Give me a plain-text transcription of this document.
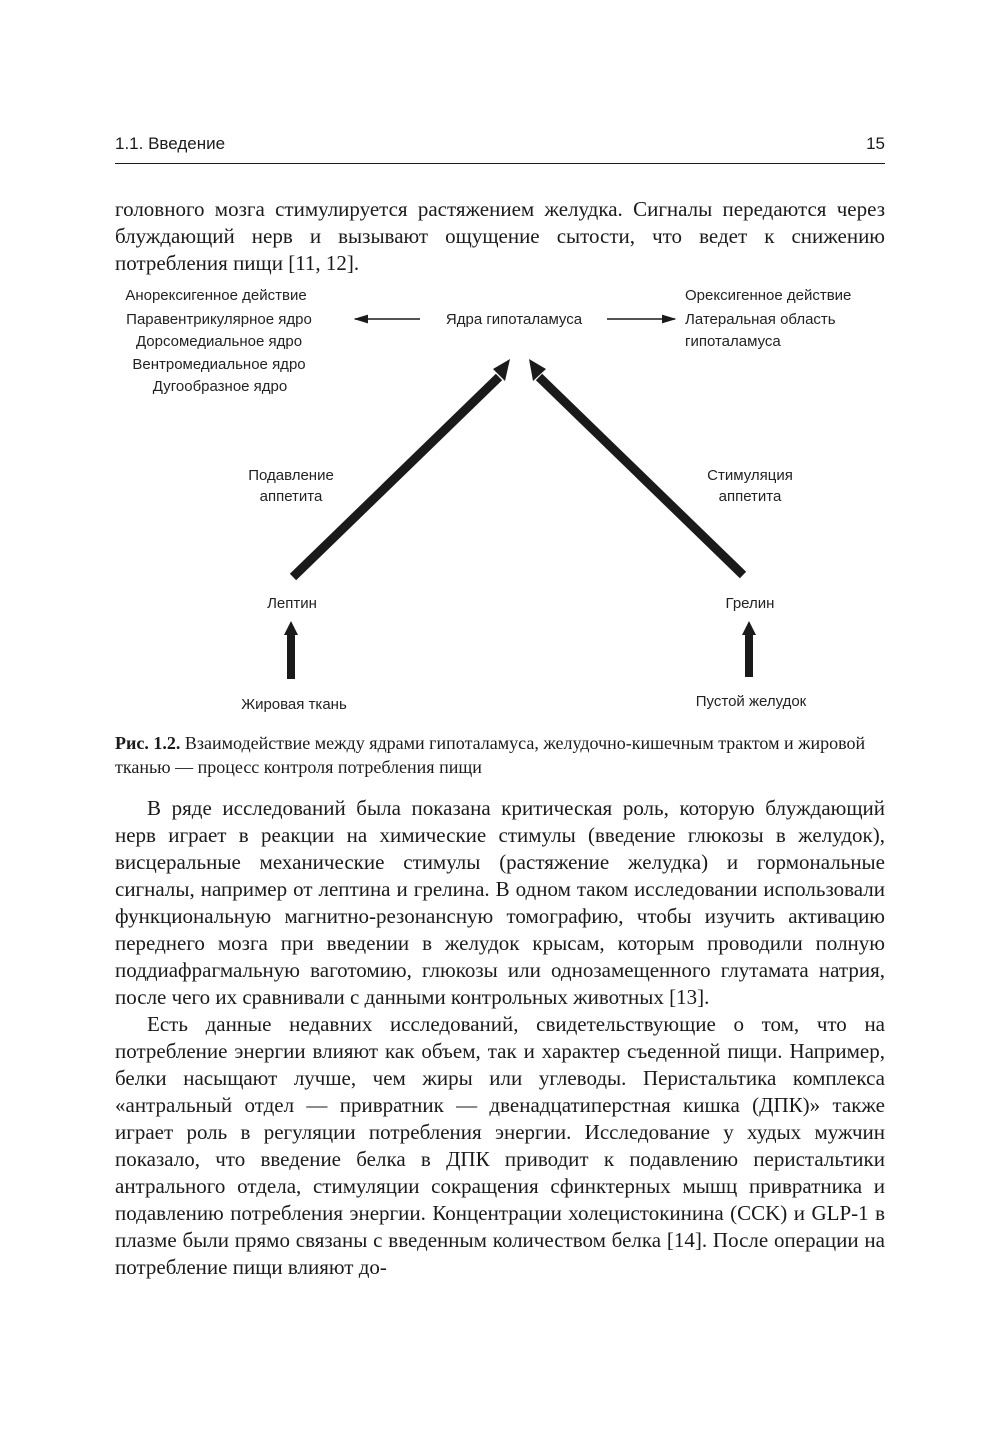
1.1. Введение	15

головного мозга стимулируется растяжением желудка. Сигналы передаются через блуждающий нерв и вызывают ощущение сытости, что ведет к снижению потребления пищи [11, 12].

Анорексигенное действие
Паравентрикулярное ядро
Дорсомедиальное ядро
Вентромедиальное ядро
Дугообразное ядро
Ядра гипоталамуса
Орексигенное действие
Латеральная область
гипоталамуса
Подавление
аппетита
Стимуляция
аппетита
Лептин	Грелин
Жировая ткань	Пустой желудок
Рис. 1.2. Взаимодействие между ядрами гипоталамуса, желудочно-кишечным трактом и жировой тканью — процесс контроля потребления пищи

В ряде исследований была показана критическая роль, которую блуждающий нерв играет в реакции на химические стимулы (введение глюкозы в желудок), висцеральные механические стимулы (растяжение желудка) и гормональные сигналы, например от лептина и грелина. В одном таком исследовании использовали функциональную магнитно-резонансную томографию, чтобы изучить активацию переднего мозга при введении в желудок крысам, которым проводили полную поддиафрагмальную ваготомию, глюкозы или однозамещенного глутамата натрия, после чего их сравнивали с данными контрольных животных [13].

Есть данные недавних исследований, свидетельствующие о том, что на потребление энергии влияют как объем, так и характер съеденной пищи. Например, белки насыщают лучше, чем жиры или углеводы. Перистальтика комплекса «антральный отдел — привратник — двенадцатиперстная кишка (ДПК)» также играет роль в регуляции потребления энергии. Исследование у худых мужчин показало, что введение белка в ДПК приводит к подавлению перистальтики антрального отдела, стимуляции сокращения сфинктерных мышц привратника и подавлению потребления энергии. Концентрации холецистокинина (CCK) и GLP-1 в плазме были прямо связаны с введенным количеством белка [14]. После операции на потребление пищи влияют до-
